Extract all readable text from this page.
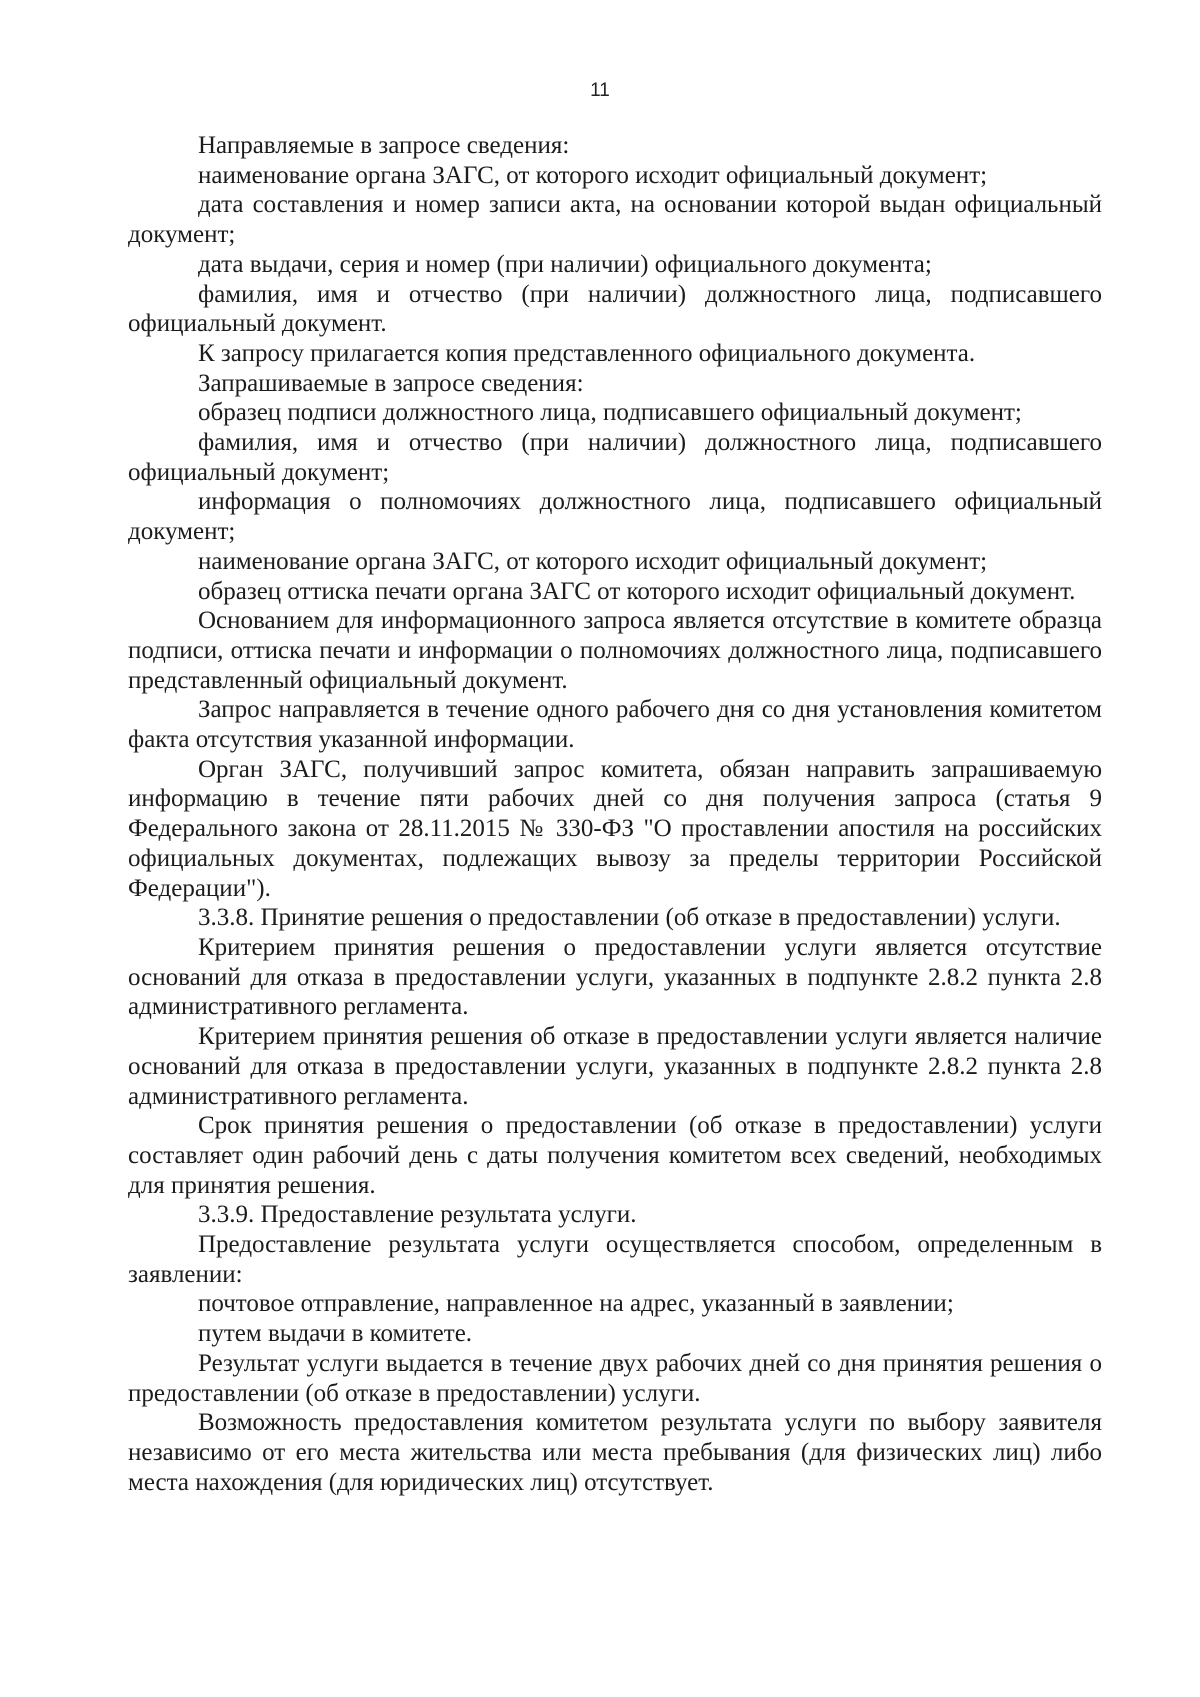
11

Направляемые в запросе сведения:

наименование органа ЗАГС, от которого исходит официальный документ;

дата составления и номер записи акта, на основании которой выдан официальный документ;

дата выдачи, серия и номер (при наличии) официального документа;

фамилия, имя и отчество (при наличии) должностного лица, подписавшего официальный документ.

К запросу прилагается копия представленного официального документа.

Запрашиваемые в запросе сведения:

образец подписи должностного лица, подписавшего официальный документ;

фамилия, имя и отчество (при наличии) должностного лица, подписавшего официальный документ;

информация о полномочиях должностного лица, подписавшего официальный документ;

наименование органа ЗАГС, от которого исходит официальный документ;

образец оттиска печати органа ЗАГС от которого исходит официальный документ.

Основанием для информационного запроса является отсутствие в комитете образца подписи, оттиска печати и информации о полномочиях должностного лица, подписавшего представленный официальный документ.

Запрос направляется в течение одного рабочего дня со дня установления комитетом факта отсутствия указанной информации.

Орган ЗАГС, получивший запрос комитета, обязан направить запрашиваемую информацию в течение пяти рабочих дней со дня получения запроса (статья 9 Федерального закона от 28.11.2015 № 330-ФЗ "О проставлении апостиля на российских официальных документах, подлежащих вывозу за пределы территории Российской Федерации").

3.3.8. Принятие решения о предоставлении (об отказе в предоставлении) услуги.

Критерием принятия решения о предоставлении услуги является отсутствие оснований для отказа в предоставлении услуги, указанных в подпункте 2.8.2 пункта 2.8 административного регламента.

Критерием принятия решения об отказе в предоставлении услуги является наличие оснований для отказа в предоставлении услуги, указанных в подпункте 2.8.2 пункта 2.8 административного регламента.

Срок принятия решения о предоставлении (об отказе в предоставлении) услуги составляет один рабочий день с даты получения комитетом всех сведений, необходимых для принятия решения.

3.3.9. Предоставление результата услуги.

Предоставление результата услуги осуществляется способом, определенным в заявлении:

почтовое отправление, направленное на адрес, указанный в заявлении;

путем выдачи в комитете.

Результат услуги выдается в течение двух рабочих дней со дня принятия решения о предоставлении (об отказе в предоставлении) услуги.

Возможность предоставления комитетом результата услуги по выбору заявителя независимо от его места жительства или места пребывания (для физических лиц) либо места нахождения (для юридических лиц) отсутствует.
